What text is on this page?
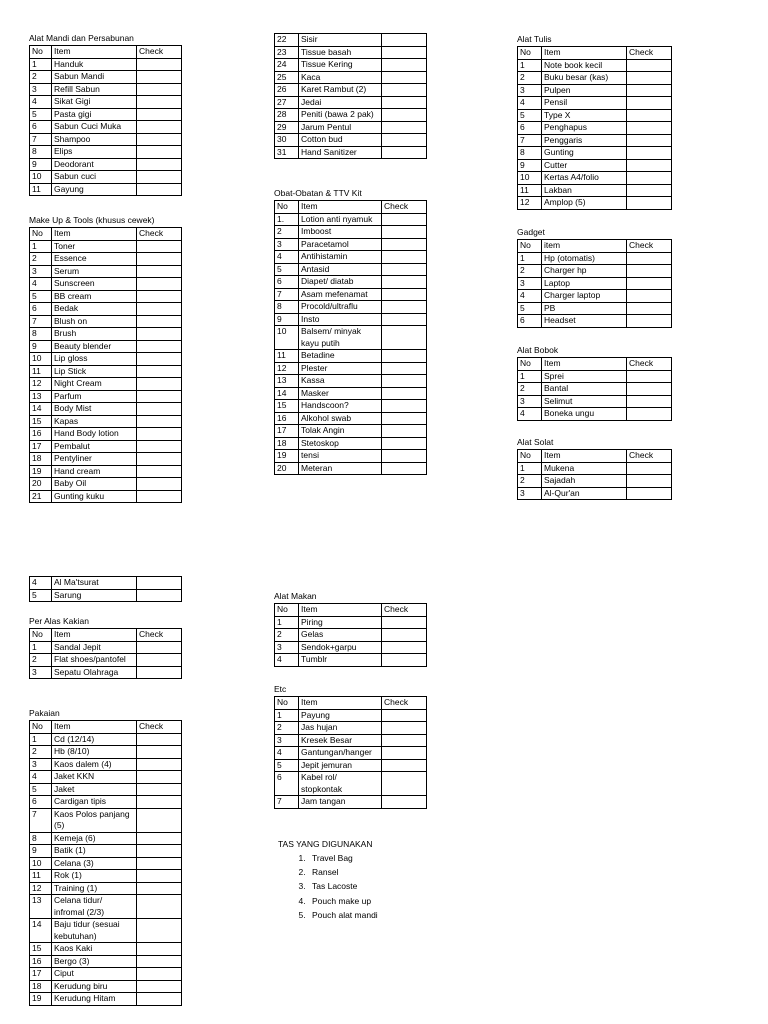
Alat Mandi dan Persabunan
No	Item	Check
1	Handuk	
2	Sabun Mandi	
3	Refill Sabun	
4	Sikat Gigi	
5	Pasta gigi	
6	Sabun Cuci Muka	
7	Shampoo	
8	Elips	
9	Deodorant	
10	Sabun cuci	
11	Gayung	
Make Up & Tools (khusus cewek)
No	Item	Check
1	Toner	
2	Essence	
3	Serum	
4	Sunscreen	
5	BB cream	
6	Bedak	
7	Blush on	
8	Brush	
9	Beauty blender	
10	Lip gloss	
11	Lip Stick	
12	Night Cream	
13	Parfum	
14	Body Mist	
15	Kapas	
16	Hand Body lotion	
17	Pembalut	
18	Pentyliner	
19	Hand cream	
20	Baby Oil	
21	Gunting kuku	
4	Al Ma'tsurat	
5	Sarung	
Per Alas Kakian
No	Item	Check
1	Sandal Jepit	
2	Flat shoes/pantofel	
3	Sepatu Olahraga	
Pakaian
No	Item	Check
1	Cd (12/14)	
2	Hb (8/10)	
3	Kaos dalem (4)	
4	Jaket KKN	
5	Jaket	
6	Cardigan tipis	
7	Kaos Polos panjang (5)	
8	Kemeja (6)	
9	Batik (1)	
10	Celana (3)	
11	Rok (1)	
12	Training (1)	
13	Celana tidur/ infromal (2/3)	
14	Baju tidur (sesuai kebutuhan)	
15	Kaos Kaki	
16	Bergo (3)	
17	Ciput	
18	Kerudung biru	
19	Kerudung Hitam	
22	Sisir	
23	Tissue basah	
24	Tissue Kering	
25	Kaca	
26	Karet Rambut (2)	
27	Jedai	
28	Peniti (bawa 2 pak)	
29	Jarum Pentul	
30	Cotton bud	
31	Hand Sanitizer	
Obat-Obatan & TTV Kit
No	Item	Check
1.	Lotion anti nyamuk	
2	Imboost	
3	Paracetamol	
4	Antihistamin	
5	Antasid	
6	Diapet/ diatab	
7	Asam mefenamat	
8	Procold/ultraflu	
9	Insto	
10	Balsem/ minyak kayu putih	
11	Betadine	
12	Plester	
13	Kassa	
14	Masker	
15	Handscoon?	
16	Alkohol swab	
17	Tolak Angin	
18	Stetoskop	
19	tensi	
20	Meteran	
Alat Makan
No	Item	Check
1	Piring	
2	Gelas	
3	Sendok+garpu	
4	Tumblr	
Etc
No	Item	Check
1	Payung	
2	Jas hujan	
3	Kresek Besar	
4	Gantungan/hanger	
5	Jepit jemuran	
6	Kabel rol/ stopkontak	
7	Jam tangan	
Alat Tulis
No	Item	Check
1	Note book kecil	
2	Buku besar (kas)	
3	Pulpen	
4	Pensil	
5	Type X	
6	Penghapus	
7	Penggaris	
8	Gunting	
9	Cutter	
10	Kertas A4/folio	
11	Lakban	
12	Amplop (5)	
Gadget
No	item	Check
1	Hp (otomatis)	
2	Charger hp	
3	Laptop	
4	Charger laptop	
5	PB	
6	Headset	
Alat Bobok
No	Item	Check
1	Sprei	
2	Bantal	
3	Selimut	
4	Boneka ungu	
Alat Solat
No	Item	Check
1	Mukena	
2	Sajadah	
3	Al-Qur'an	
TAS YANG DIGUNAKAN
1. Travel Bag
2. Ransel
3. Tas Lacoste
4. Pouch make up
5. Pouch alat mandi
